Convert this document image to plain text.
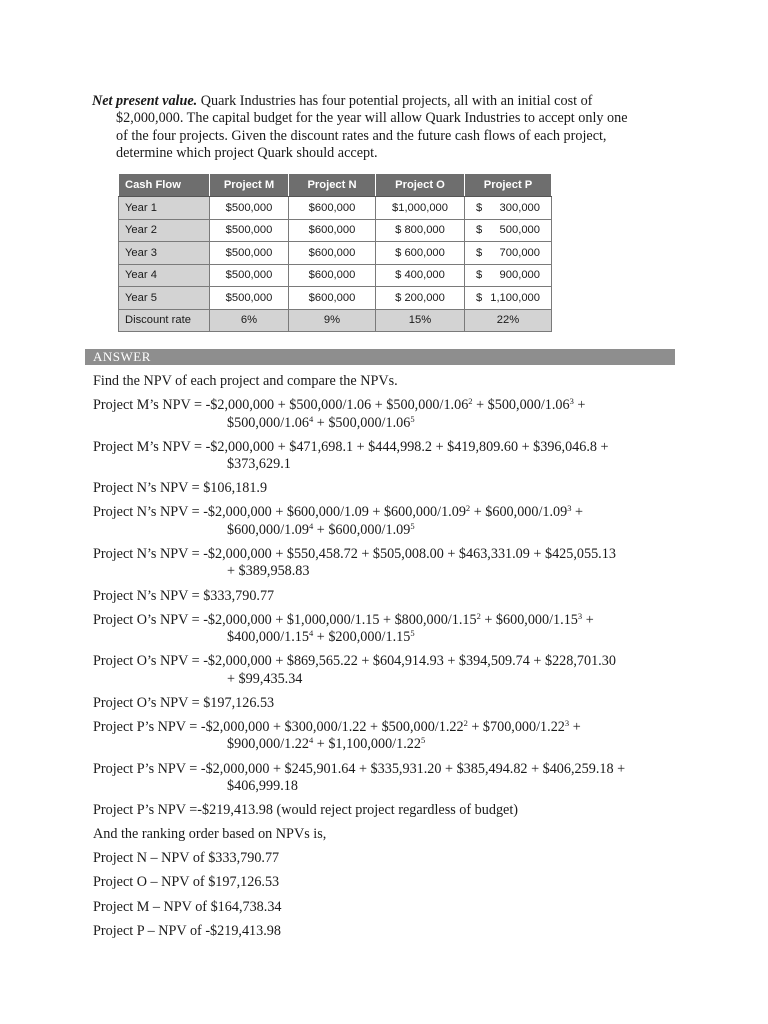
Net present value. Quark Industries has four potential projects, all with an initial cost of
$2,000,000. The capital budget for the year will allow Quark Industries to accept only one
of the four projects. Given the discount rates and the future cash flows of each project,
determine which project Quark should accept.
Cash Flow	Project M	Project N	Project O	Project P
Year 1	$500,000	$600,000	$1,000,000	$ 300,000
Year 2	$500,000	$600,000	$ 800,000	$ 500,000
Year 3	$500,000	$600,000	$ 600,000	$ 700,000
Year 4	$500,000	$600,000	$ 400,000	$ 900,000
Year 5	$500,000	$600,000	$ 200,000	$ 1,100,000
Discount rate	6%	9%	15%	22%
ANSWER
Find the NPV of each project and compare the NPVs.
Project M’s NPV = -$2,000,000 + $500,000/1.06 + $\$500,000/1.06^2$ + $\$500,000/1.06^3$ +
$\$500,000/1.06^4$ + $\$500,000/1.06^5$
Project M’s NPV = -$2,000,000 + $471,698.1 + $444,998.2 + $419,809.60 + $396,046.8 +
$373,629.1
Project N’s NPV = $106,181.9
Project N’s NPV = -$2,000,000 + $600,000/1.09 + $\$600,000/1.09^2$ + $\$600,000/1.09^3$ +
$\$600,000/1.09^4$ + $\$600,000/1.09^5$
Project N’s NPV = -$2,000,000 + $550,458.72 + $505,008.00 + $463,331.09 + $425,055.13
+ $389,958.83
Project N’s NPV = $333,790.77
Project O’s NPV = -$2,000,000 + $1,000,000/1.15 + $\$800,000/1.15^2$ + $\$600,000/1.15^3$ +
$\$400,000/1.15^4$ + $\$200,000/1.15^5$
Project O’s NPV = -$2,000,000 + $869,565.22 + $604,914.93 + $394,509.74 + $228,701.30
+ $99,435.34
Project O’s NPV = $197,126.53
Project P’s NPV = -$2,000,000 + $300,000/1.22 + $\$500,000/1.22^2$ + $\$700,000/1.22^3$ +
$\$900,000/1.22^4$ + $\$1,100,000/1.22^5$
Project P’s NPV = -$2,000,000 + $245,901.64 + $335,931.20 + $385,494.82 + $406,259.18 +
$406,999.18
Project P’s NPV =-$219,413.98 (would reject project regardless of budget)
And the ranking order based on NPVs is,
Project N – NPV of $333,790.77
Project O – NPV of $197,126.53
Project M – NPV of $164,738.34
Project P – NPV of -$219,413.98
